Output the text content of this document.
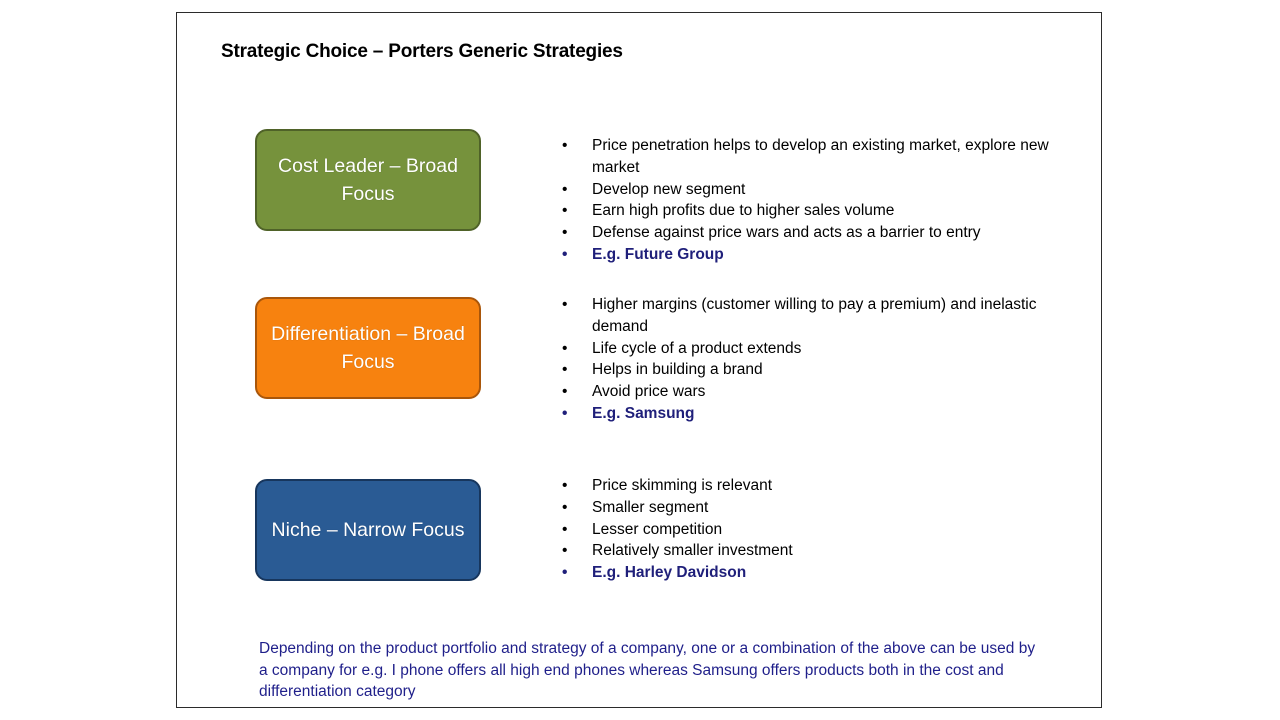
Strategic Choice – Porters Generic Strategies
Cost Leader – Broad Focus
•	Price penetration helps to develop an existing market, explore new market
•	Develop new segment
•	Earn high profits due to higher sales volume
•	Defense against price wars and acts as a barrier to entry
•	E.g. Future Group
Differentiation – Broad Focus
•	Higher margins (customer willing to pay a premium) and inelastic demand
•	Life cycle of a product extends
•	Helps in building a brand
•	Avoid price wars
•	E.g. Samsung
Niche – Narrow Focus
•	Price skimming is relevant
•	Smaller segment
•	Lesser competition
•	Relatively smaller investment
•	E.g. Harley Davidson
Depending on the product portfolio and strategy of a company, one or a combination of the above can be used by a company for e.g. I phone offers all high end phones whereas Samsung offers products both in the cost and differentiation category
